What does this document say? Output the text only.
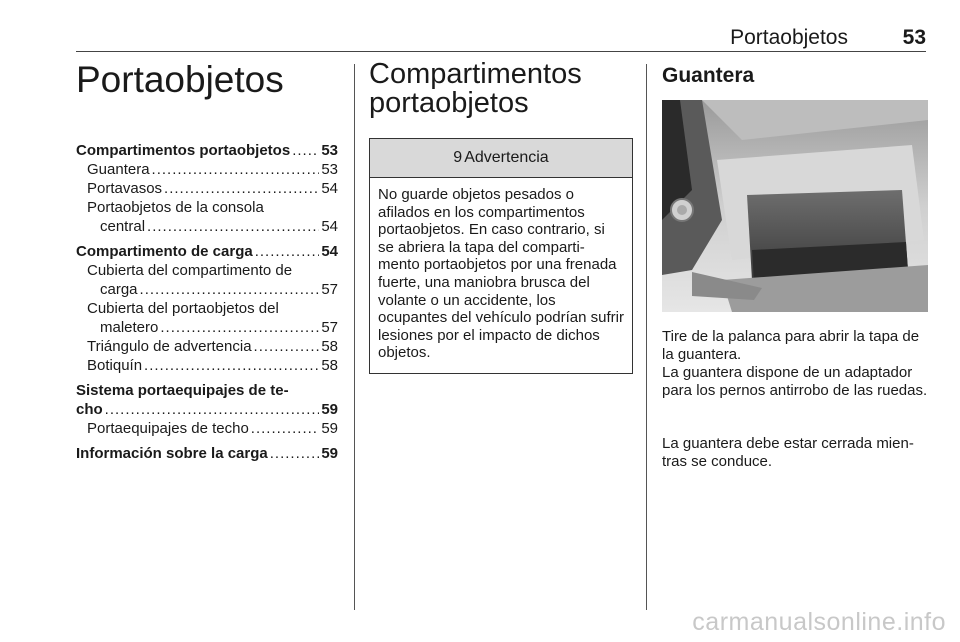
Portaobjetos	53
Portaobjetos
Compartimentos portaobjetos ..... 53
Guantera .....	53
Portavasos .....	54
Portaobjetos de la consola
central .....	54
Compartimento de carga .....	54
Cubierta del compartimento de
carga .....	57
Cubierta del portaobjetos del
maletero .....	57
Triángulo de advertencia .....	58
Botiquín .....	58
Sistema portaequipajes de te-
cho .....	59
Portaequipajes de techo .....	59
Información sobre la carga .....	59
Compartimentos
portaobjetos
9 Advertencia
No guarde objetos pesados o afilados en los compartimentos portaobjetos. En caso contrario, si se abriera la tapa del comparti-mento portaobjetos por una frenada fuerte, una maniobra brusca del volante o un accidente, los ocupantes del vehículo podrían sufrir lesiones por el impacto de dichos objetos.
Guantera

Tire de la palanca para abrir la tapa de la guantera.

La guantera dispone de un adaptador para los pernos antirrobo de las ruedas.

La guantera debe estar cerrada mien-tras se conduce.

carmanualsonline.info
